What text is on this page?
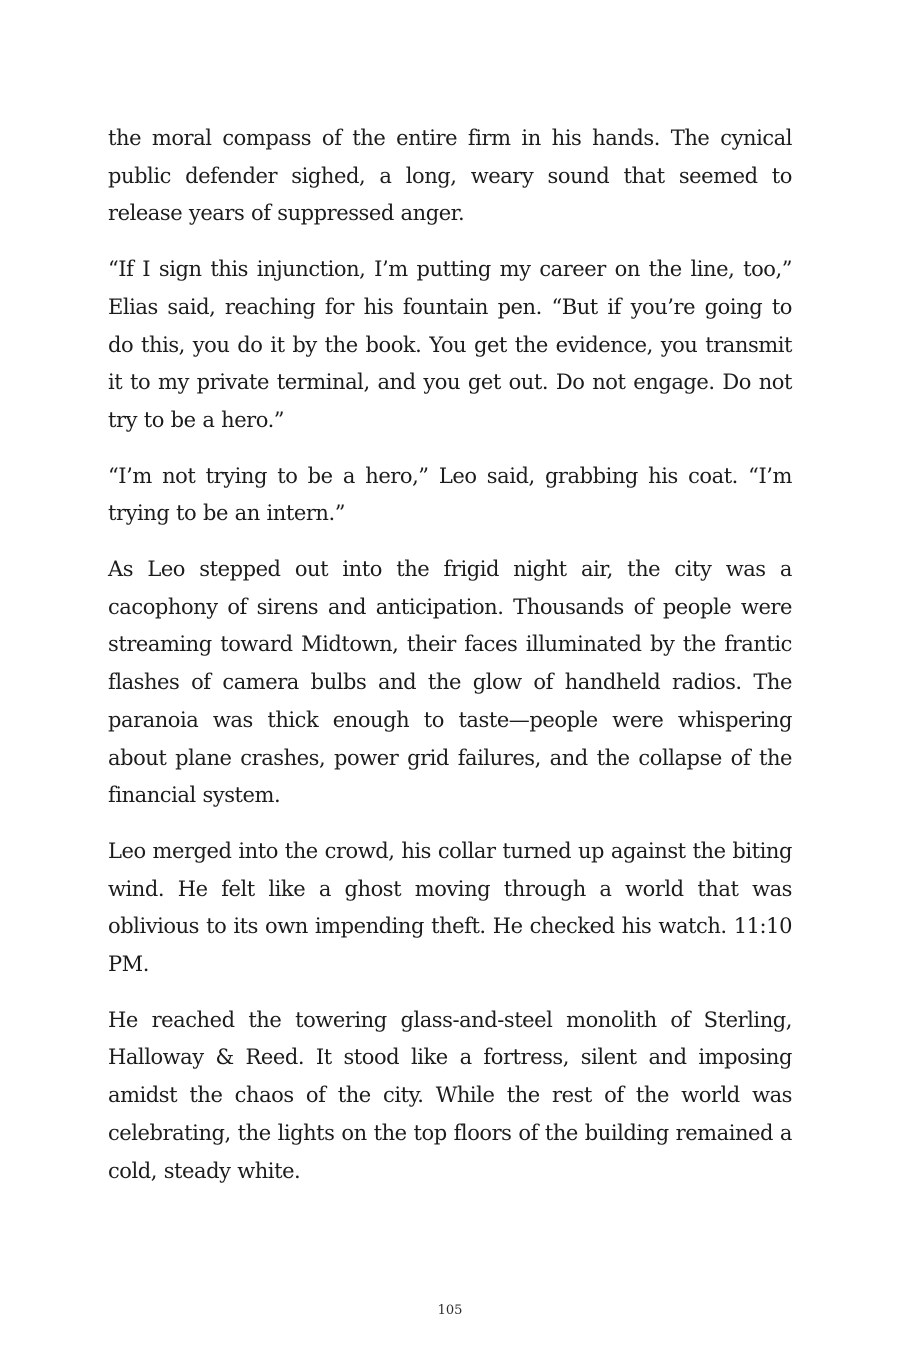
the moral compass of the entire firm in his hands. The cynical public defender sighed, a long, weary sound that seemed to release years of suppressed anger.

“If I sign this injunction, I’m putting my career on the line, too,” Elias said, reaching for his fountain pen. “But if you’re going to do this, you do it by the book. You get the evidence, you transmit it to my private terminal, and you get out. Do not engage. Do not try to be a hero.”

“I’m not trying to be a hero,” Leo said, grabbing his coat. “I’m trying to be an intern.”

As Leo stepped out into the frigid night air, the city was a cacophony of sirens and anticipation. Thousands of people were streaming toward Midtown, their faces illuminated by the frantic flashes of camera bulbs and the glow of handheld radios. The paranoia was thick enough to taste—people were whispering about plane crashes, power grid failures, and the collapse of the financial system.

Leo merged into the crowd, his collar turned up against the biting wind. He felt like a ghost moving through a world that was oblivious to its own impending theft. He checked his watch. 11:10 PM.

He reached the towering glass-and-steel monolith of Sterling, Halloway & Reed. It stood like a fortress, silent and imposing amidst the chaos of the city. While the rest of the world was celebrating, the lights on the top floors of the building remained a cold, steady white.

105
